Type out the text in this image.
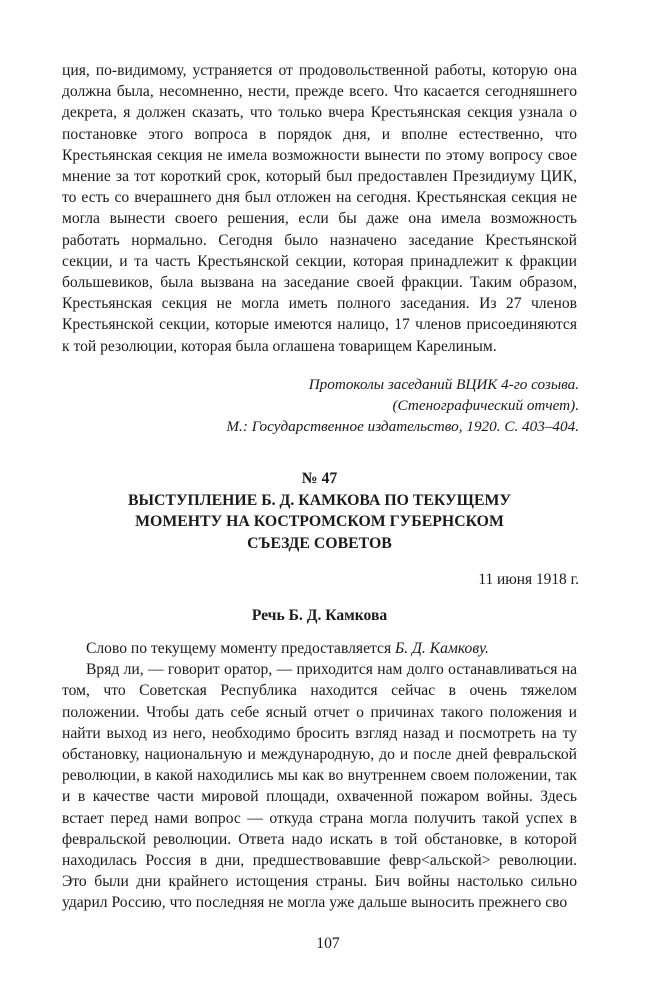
ция, по-видимому, устраняется от продовольственной работы, которую она должна была, несомненно, нести, прежде всего. Что касается сегодняшнего декрета, я должен сказать, что только вчера Крестьянская секция узнала о постановке этого вопроса в порядок дня, и вполне естественно, что Крестьянская секция не имела возможности вынести по этому вопросу свое мнение за тот короткий срок, который был предоставлен Президиуму ЦИК, то есть со вчерашнего дня был отложен на сегодня. Крестьянская секция не могла вынести своего решения, если бы даже она имела возможность работать нормально. Сегодня было назначено заседание Крестьянской секции, и та часть Крестьянской секции, которая принадлежит к фракции большевиков, была вызвана на заседание своей фракции. Таким образом, Крестьянская секция не могла иметь полного заседания. Из 27 членов Крестьянской секции, которые имеются налицо, 17 членов присоединяются к той резолюции, которая была оглашена товарищем Карелиным.

Протоколы заседаний ВЦИК 4-го созыва.
(Стенографический отчет).
М.: Государственное издательство, 1920. С. 403–404.
№ 47
ВЫСТУПЛЕНИЕ Б. Д. КАМКОВА ПО ТЕКУЩЕМУ
МОМЕНТУ НА КОСТРОМСКОМ ГУБЕРНСКОМ
СЪЕЗДЕ СОВЕТОВ
11 июня 1918 г.
Речь Б. Д. Камкова

Слово по текущему моменту предоставляется Б. Д. Камкову.

Вряд ли, — говорит оратор, — приходится нам долго останавливаться на том, что Советская Республика находится сейчас в очень тяжелом положении. Чтобы дать себе ясный отчет о причинах такого положения и найти выход из него, необходимо бросить взгляд назад и посмотреть на ту обстановку, национальную и международную, до и после дней февральской революции, в какой находились мы как во внутреннем своем положении, так и в качестве части мировой площади, охваченной пожаром войны. Здесь встает перед нами вопрос — откуда страна могла получить такой успех в февральской революции. Ответа надо искать в той обстановке, в которой находилась Россия в дни, предшествовавшие февр<альской> революции. Это были дни крайнего истощения страны. Бич войны настолько сильно ударил Россию, что последняя не могла уже дальше выносить прежнего сво

107
